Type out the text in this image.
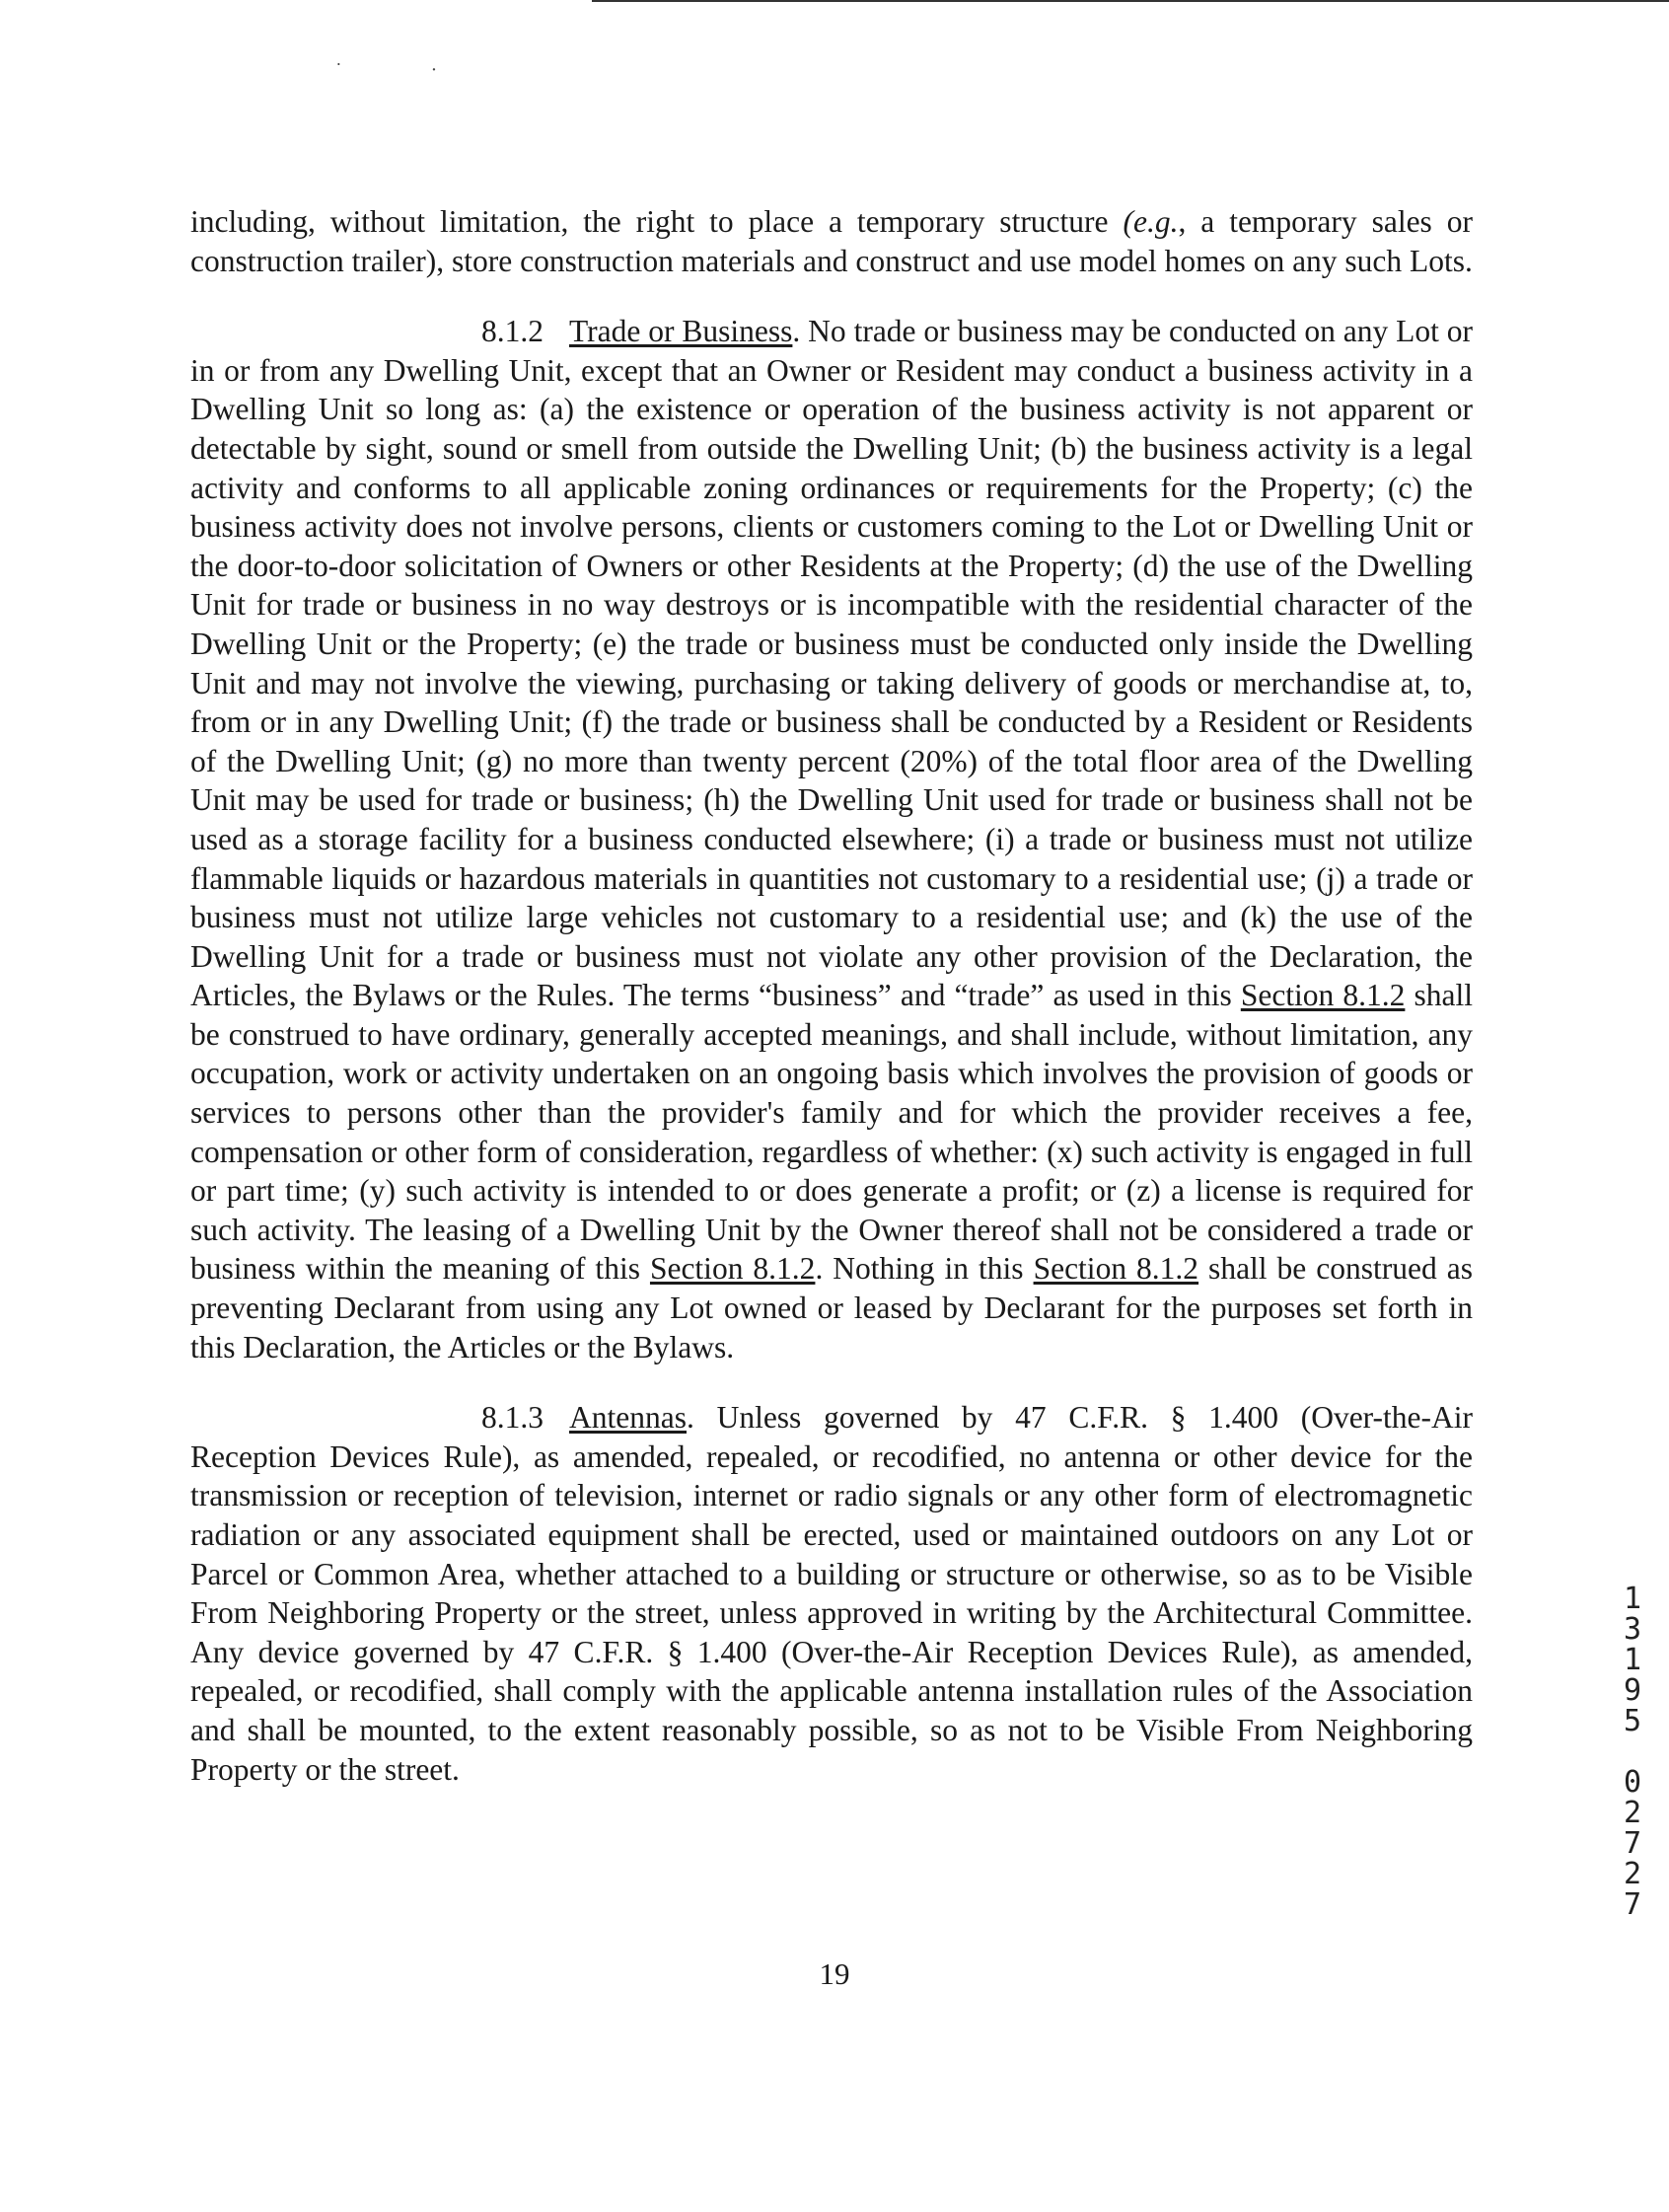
˙	·

including, without limitation, the right to place a temporary structure (e.g., a temporary sales or construction trailer), store construction materials and construct and use model homes on any such Lots.

8.1.2 Trade or Business. No trade or business may be conducted on any Lot or in or from any Dwelling Unit, except that an Owner or Resident may conduct a business activity in a Dwelling Unit so long as: (a) the existence or operation of the business activity is not apparent or detectable by sight, sound or smell from outside the Dwelling Unit; (b) the business activity is a legal activity and conforms to all applicable zoning ordinances or requirements for the Property; (c) the business activity does not involve persons, clients or customers coming to the Lot or Dwelling Unit or the door-to-door solicitation of Owners or other Residents at the Property; (d) the use of the Dwelling Unit for trade or business in no way destroys or is incompatible with the residential character of the Dwelling Unit or the Property; (e) the trade or business must be conducted only inside the Dwelling Unit and may not involve the viewing, purchasing or taking delivery of goods or merchandise at, to, from or in any Dwelling Unit; (f) the trade or business shall be conducted by a Resident or Residents of the Dwelling Unit; (g) no more than twenty percent (20%) of the total floor area of the Dwelling Unit may be used for trade or business; (h) the Dwelling Unit used for trade or business shall not be used as a storage facility for a business conducted elsewhere; (i) a trade or business must not utilize flammable liquids or hazardous materials in quantities not customary to a residential use; (j) a trade or business must not utilize large vehicles not customary to a residential use; and (k) the use of the Dwelling Unit for a trade or business must not violate any other provision of the Declaration, the Articles, the Bylaws or the Rules. The terms “business” and “trade” as used in this Section 8.1.2 shall be construed to have ordinary, generally accepted meanings, and shall include, without limitation, any occupation, work or activity undertaken on an ongoing basis which involves the provision of goods or services to persons other than the provider's family and for which the provider receives a fee, compensation or other form of consideration, regardless of whether: (x) such activity is engaged in full or part time; (y) such activity is intended to or does generate a profit; or (z) a license is required for such activity. The leasing of a Dwelling Unit by the Owner thereof shall not be considered a trade or business within the meaning of this Section 8.1.2. Nothing in this Section 8.1.2 shall be construed as preventing Declarant from using any Lot owned or leased by Declarant for the purposes set forth in this Declaration, the Articles or the Bylaws.

8.1.3 Antennas. Unless governed by 47 C.F.R. § 1.400 (Over-the-Air Reception Devices Rule), as amended, repealed, or recodified, no antenna or other device for the transmission or reception of television, internet or radio signals or any other form of electromagnetic radiation or any associated equipment shall be erected, used or maintained outdoors on any Lot or Parcel or Common Area, whether attached to a building or structure or otherwise, so as to be Visible From Neighboring Property or the street, unless approved in writing by the Architectural Committee. Any device governed by 47 C.F.R. § 1.400 (Over-the-Air Reception Devices Rule), as amended, repealed, or recodified, shall comply with the applicable antenna installation rules of the Association and shall be mounted, to the extent reasonably possible, so as not to be Visible From Neighboring Property or the street.

19
1
3
1
9
5
0
2
7
2
7
